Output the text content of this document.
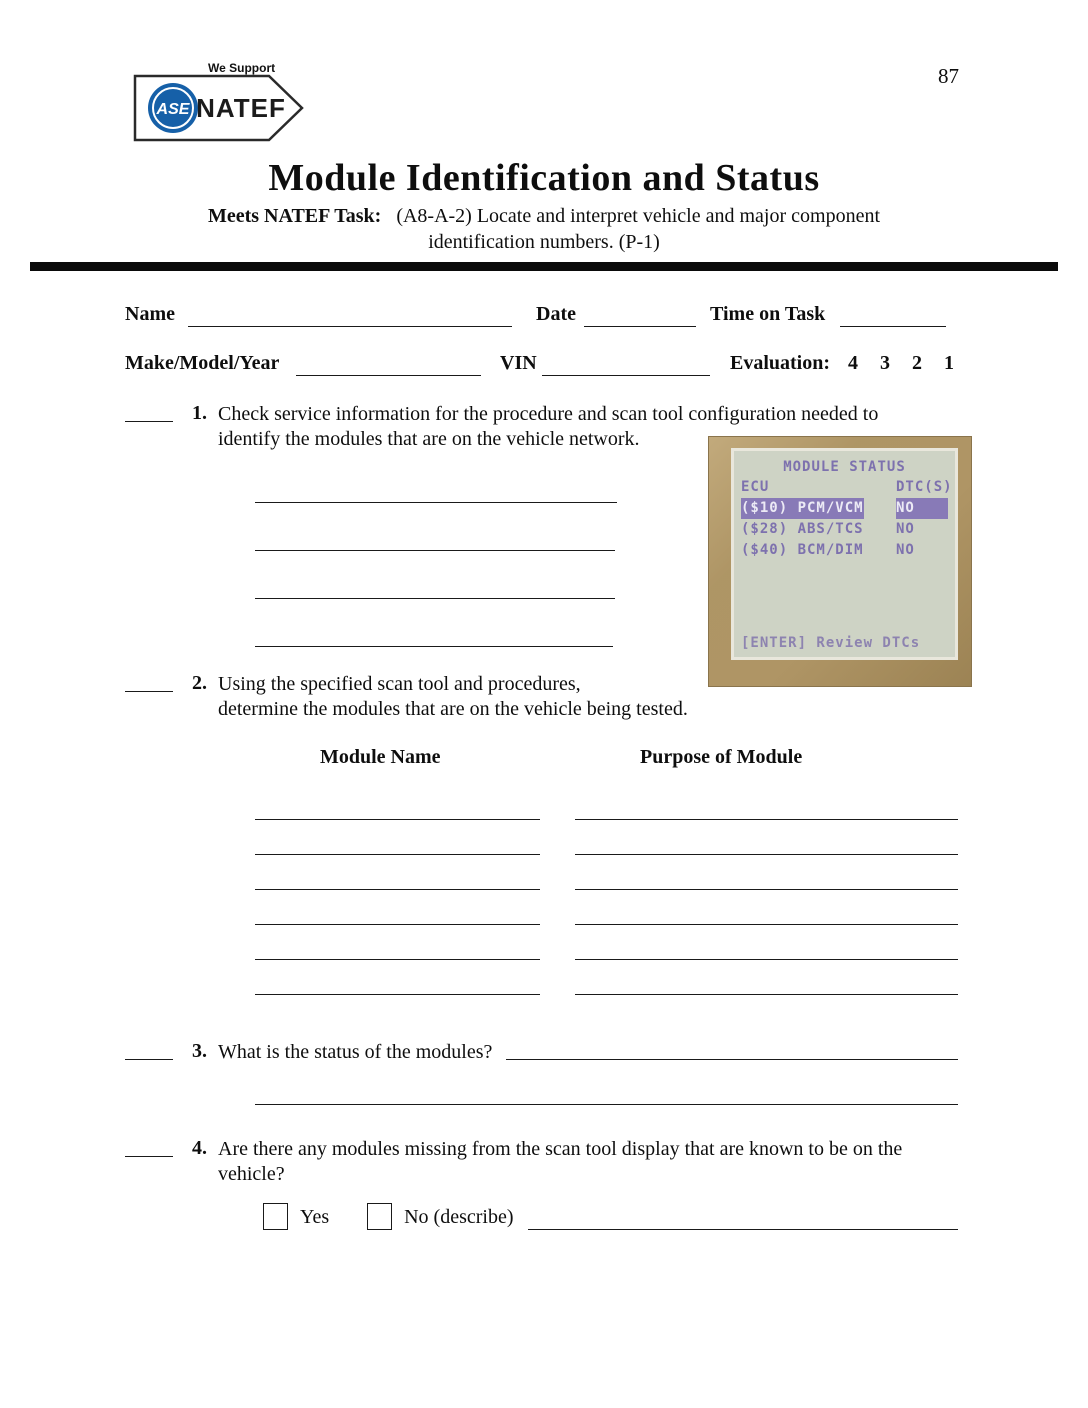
87
ASE
We Support
NATEF
Module Identification and Status
Meets NATEF Task: (A8-A-2) Locate and interpret vehicle and major component
identification numbers. (P-1)
Name	Date	Time on Task
Make/Model/Year	VIN	Evaluation: 4 3 2 1
1. Check service information for the procedure and scan tool configuration needed to
identify the modules that are on the vehicle network.
MODULE STATUS
ECU	DTC(S)
($10) PCM/VCM NO
($28) ABS/TCS NO
($40) BCM/DIM NO
[ENTER] Review DTCs
2. Using the specified scan tool and procedures,
determine the modules that are on the vehicle being tested.
Module Name	Purpose of Module
3. What is the status of the modules?
4. Are there any modules missing from the scan tool display that are known to be on the
vehicle?
Yes	No (describe)
